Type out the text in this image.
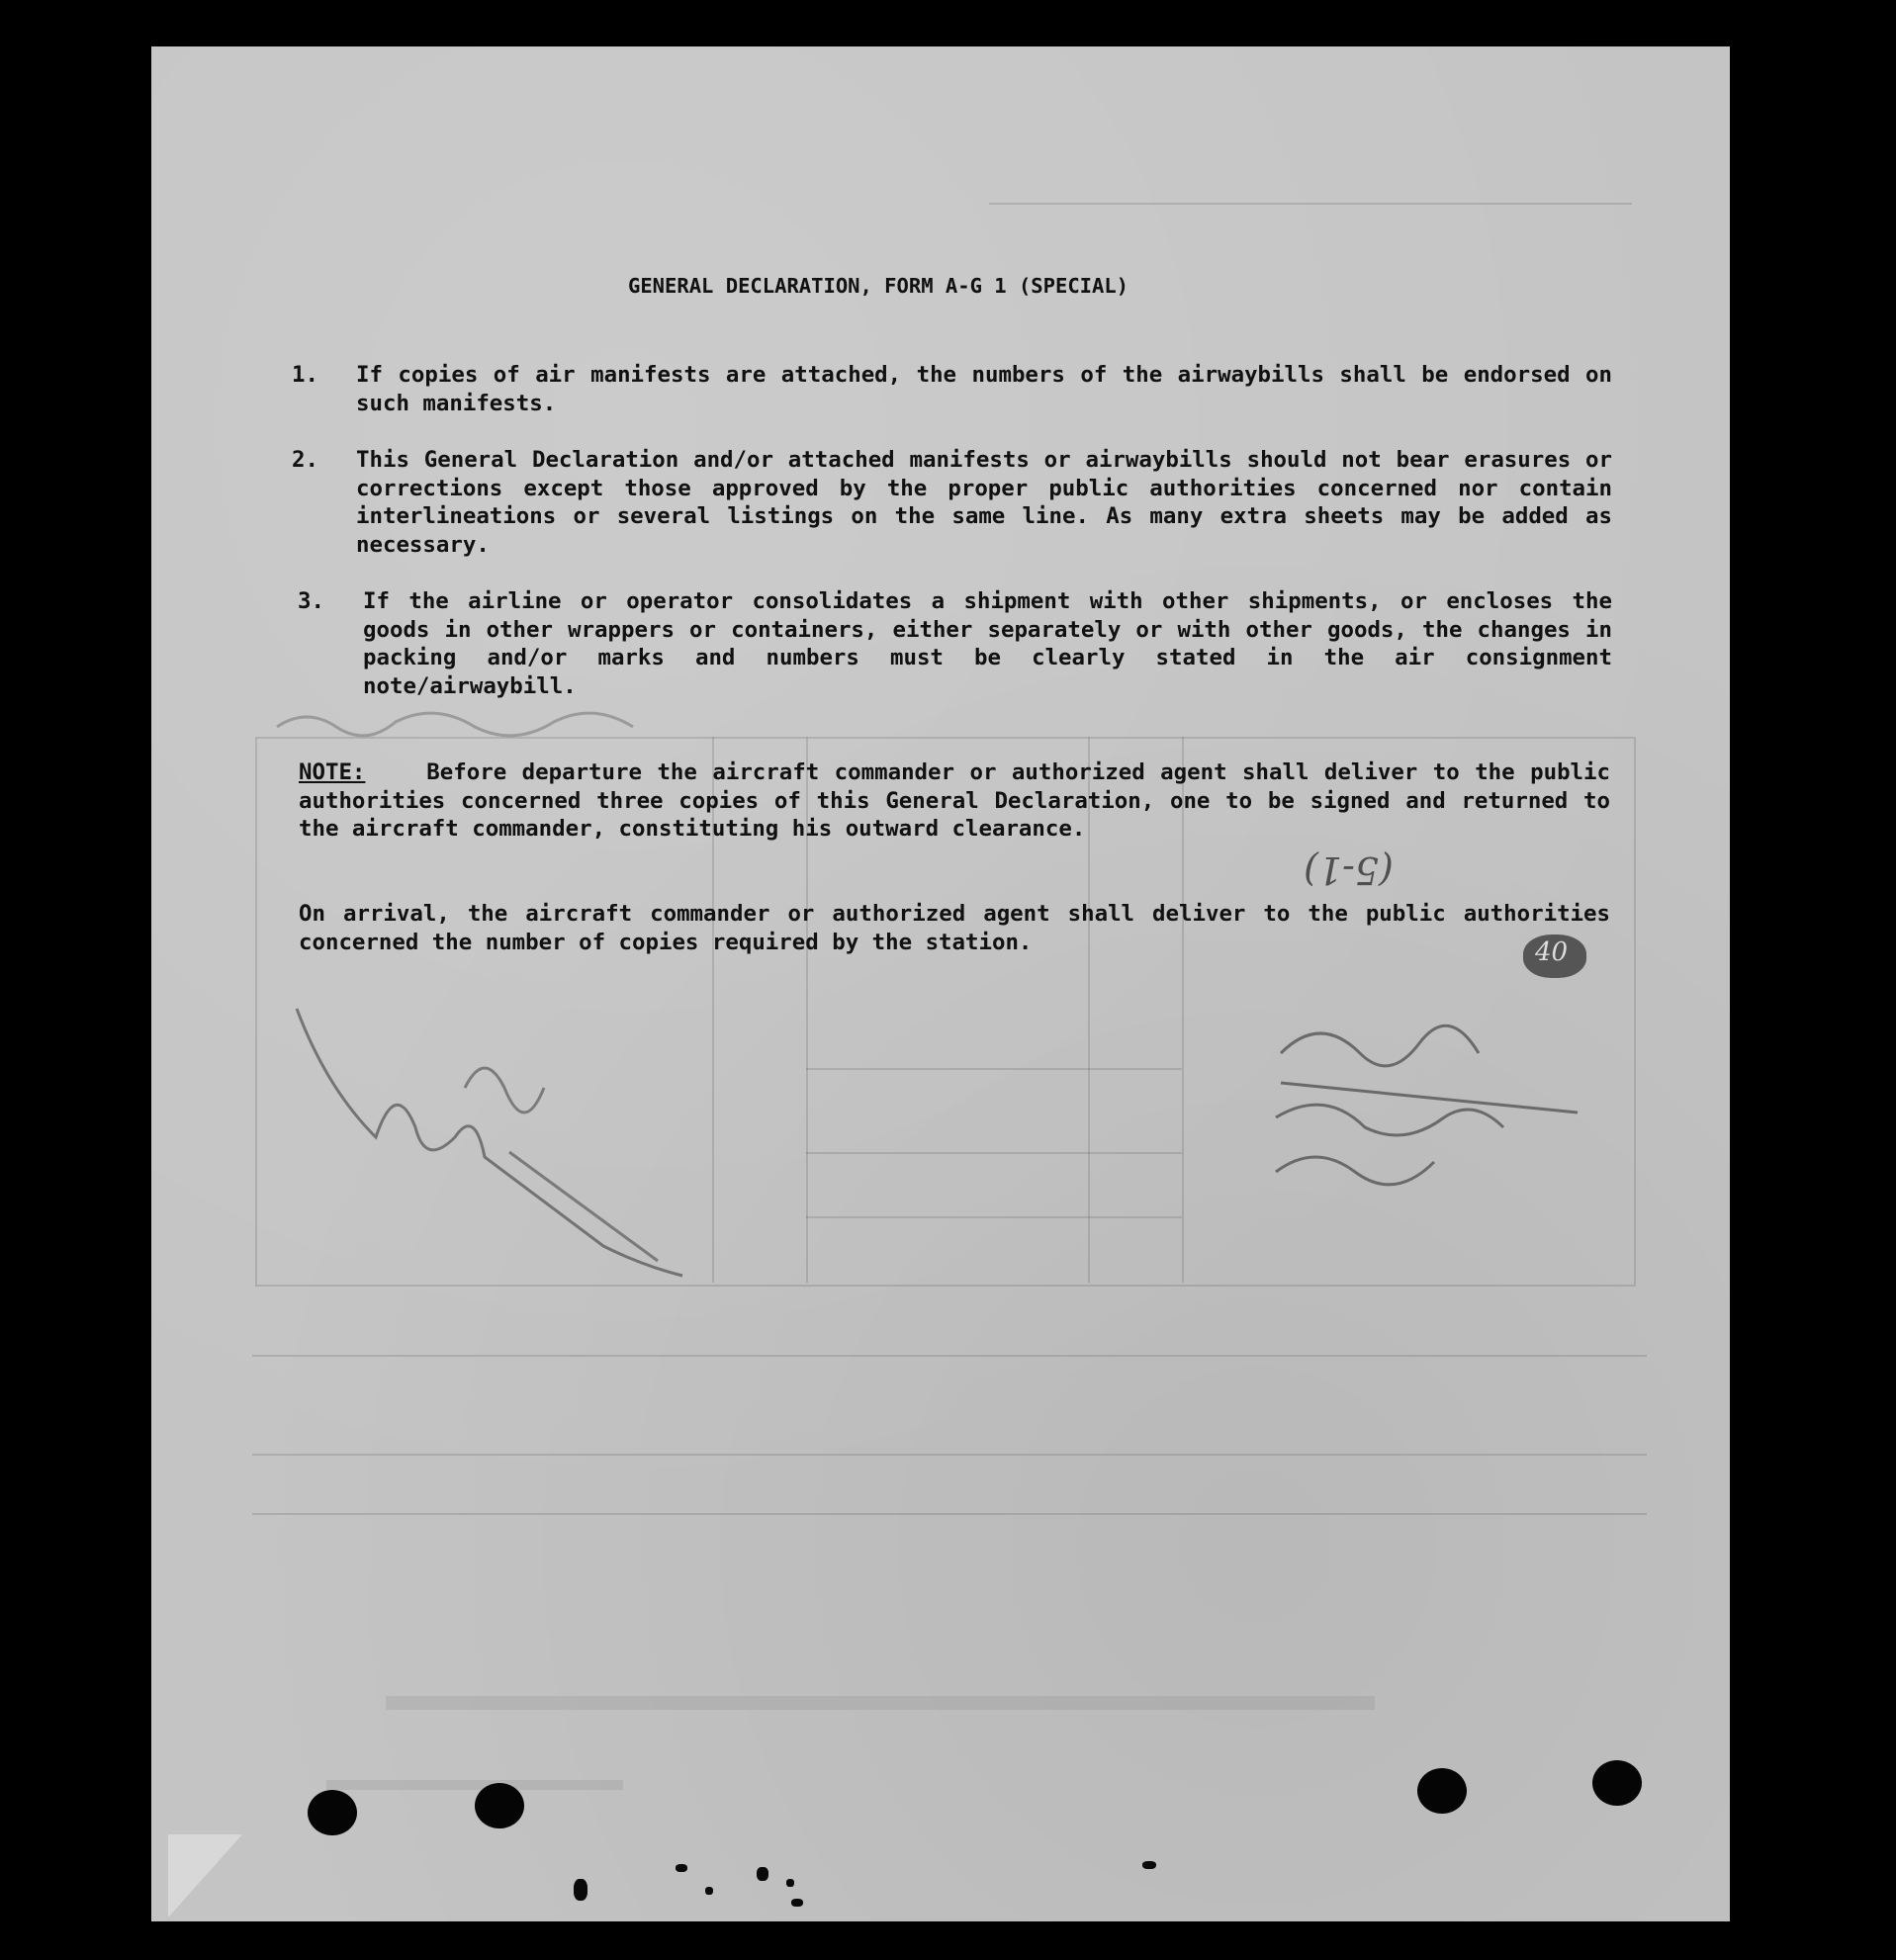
GENERAL DECLARATION, FORM A-G 1 (SPECIAL)
1.	If copies of air manifests are attached, the numbers of the airwaybills shall be endorsed on such manifests.
2.	This General Declaration and/or attached manifests or airwaybills should not bear erasures or corrections except those approved by the proper public authorities concerned nor contain interlineations or several listings on the same line. As many extra sheets may be added as necessary.
3.	If the airline or operator consolidates a shipment with other shipments, or encloses the goods in other wrappers or containers, either separately or with other goods, the changes in packing and/or marks and numbers must be clearly stated in the air consignment note/airwaybill.
NOTE:	Before departure the aircraft commander or authorized agent shall deliver to the public authorities concerned three copies of this General Declaration, one to be signed and returned to the aircraft commander, constituting his outward clearance.
On arrival, the aircraft commander or authorized agent shall deliver to the public authorities concerned the number of copies required by the station.
(5-1)
40
